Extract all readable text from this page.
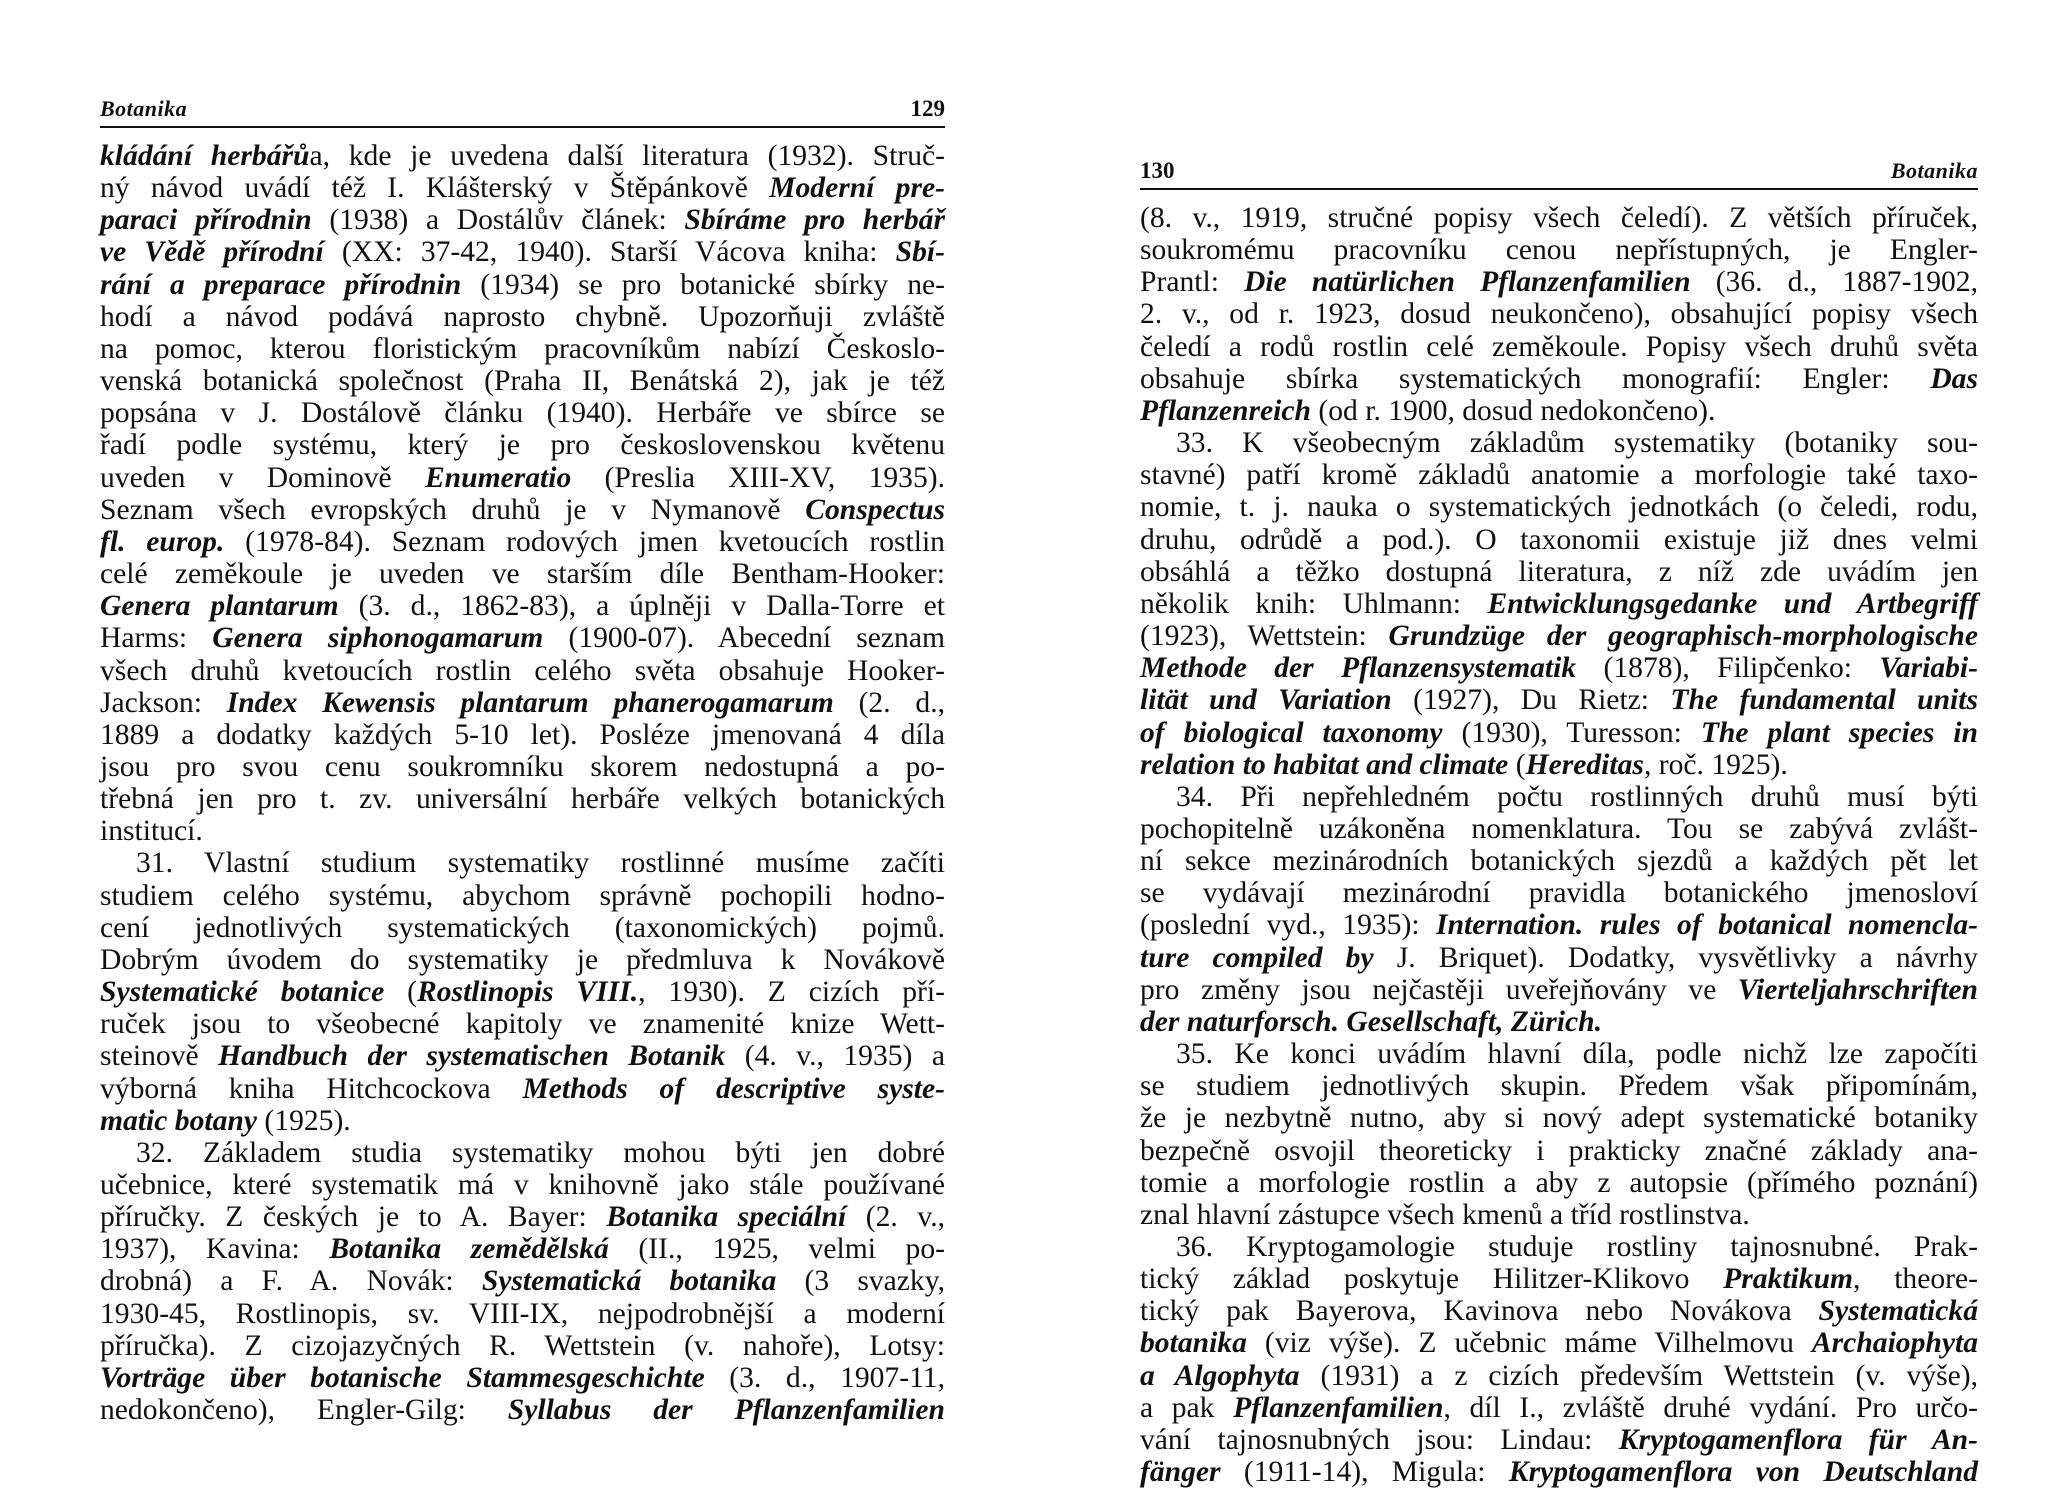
Botanika	129
kládání herbářůa, kde je uvedena další literatura (1932). Struč-
ný návod uvádí též I. Klášterský v Štěpánkově Moderní pre-
paraci přírodnin (1938) a Dostálův článek: Sbíráme pro herbář
ve Vědě přírodní (XX: 37-42, 1940). Starší Vácova kniha: Sbí-
rání a preparace přírodnin (1934) se pro botanické sbírky ne-
hodí a návod podává naprosto chybně. Upozorňuji zvláště
na pomoc, kterou floristickým pracovníkům nabízí Českoslo-
venská botanická společnost (Praha II, Benátská 2), jak je též
popsána v J. Dostálově článku (1940). Herbáře ve sbírce se
řadí podle systému, který je pro československou květenu
uveden v Dominově Enumeratio (Preslia XIII-XV, 1935).
Seznam všech evropských druhů je v Nymanově Conspectus
fl. europ. (1978-84). Seznam rodových jmen kvetoucích rostlin
celé zeměkoule je uveden ve starším díle Bentham-Hooker:
Genera plantarum (3. d., 1862-83), a úplněji v Dalla-Torre et
Harms: Genera siphonogamarum (1900-07). Abecední seznam
všech druhů kvetoucích rostlin celého světa obsahuje Hooker-
Jackson: Index Kewensis plantarum phanerogamarum (2. d.,
1889 a dodatky každých 5-10 let). Posléze jmenovaná 4 díla
jsou pro svou cenu soukromníku skorem nedostupná a po-
třebná jen pro t. zv. universální herbáře velkých botanických
institucí.
31. Vlastní studium systematiky rostlinné musíme začíti
studiem celého systému, abychom správně pochopili hodno-
cení jednotlivých systematických (taxonomických) pojmů.
Dobrým úvodem do systematiky je předmluva k Novákově
Systematické botanice (Rostlinopis VIII., 1930). Z cizích pří-
ruček jsou to všeobecné kapitoly ve znamenité knize Wett-
steinově Handbuch der systematischen Botanik (4. v., 1935) a
výborná kniha Hitchcockova Methods of descriptive syste-
matic botany (1925).
32. Základem studia systematiky mohou býti jen dobré
učebnice, které systematik má v knihovně jako stále používané
příručky. Z českých je to A. Bayer: Botanika speciální (2. v.,
1937), Kavina: Botanika zemědělská (II., 1925, velmi po-
drobná) a F. A. Novák: Systematická botanika (3 svazky,
1930-45, Rostlinopis, sv. VIII-IX, nejpodrobnější a moderní
příručka). Z cizojazyčných R. Wettstein (v. nahoře), Lotsy:
Vorträge über botanische Stammesgeschichte (3. d., 1907-11,
nedokončeno), Engler-Gilg: Syllabus der Pflanzenfamilien
130	Botanika
(8. v., 1919, stručné popisy všech čeledí). Z větších příruček,
soukromému pracovníku cenou nepřístupných, je Engler-
Prantl: Die natürlichen Pflanzenfamilien (36. d., 1887-1902,
2. v., od r. 1923, dosud neukončeno), obsahující popisy všech
čeledí a rodů rostlin celé zeměkoule. Popisy všech druhů světa
obsahuje sbírka systematických monografií: Engler: Das
Pflanzenreich (od r. 1900, dosud nedokončeno).
33. K všeobecným základům systematiky (botaniky sou-
stavné) patří kromě základů anatomie a morfologie také taxo-
nomie, t. j. nauka o systematických jednotkách (o čeledi, rodu,
druhu, odrůdě a pod.). O taxonomii existuje již dnes velmi
obsáhlá a těžko dostupná literatura, z níž zde uvádím jen
několik knih: Uhlmann: Entwicklungsgedanke und Artbegriff
(1923), Wettstein: Grundzüge der geographisch-morphologische
Methode der Pflanzensystematik (1878), Filipčenko: Variabi-
lität und Variation (1927), Du Rietz: The fundamental units
of biological taxonomy (1930), Turesson: The plant species in
relation to habitat and climate (Hereditas, roč. 1925).
34. Při nepřehledném počtu rostlinných druhů musí býti
pochopitelně uzákoněna nomenklatura. Tou se zabývá zvlášt-
ní sekce mezinárodních botanických sjezdů a každých pět let
se vydávají mezinárodní pravidla botanického jmenosloví
(poslední vyd., 1935): Internation. rules of botanical nomencla-
ture compiled by J. Briquet). Dodatky, vysvětlivky a návrhy
pro změny jsou nejčastěji uveřejňovány ve Vierteljahrschriften
der naturforsch. Gesellschaft, Zürich.
35. Ke konci uvádím hlavní díla, podle nichž lze započíti
se studiem jednotlivých skupin. Předem však připomínám,
že je nezbytně nutno, aby si nový adept systematické botaniky
bezpečně osvojil theoreticky i prakticky značné základy ana-
tomie a morfologie rostlin a aby z autopsie (přímého poznání)
znal hlavní zástupce všech kmenů a tříd rostlinstva.
36. Kryptogamologie studuje rostliny tajnosnubné. Prak-
tický základ poskytuje Hilitzer-Klikovo Praktikum, theore-
tický pak Bayerova, Kavinova nebo Novákova Systematická
botanika (viz výše). Z učebnic máme Vilhelmovu Archaiophyta
a Algophyta (1931) a z cizích především Wettstein (v. výše),
a pak Pflanzenfamilien, díl I., zvláště druhé vydání. Pro určo-
vání tajnosnubných jsou: Lindau: Kryptogamenflora für An-
fänger (1911-14), Migula: Kryptogamenflora von Deutschland
